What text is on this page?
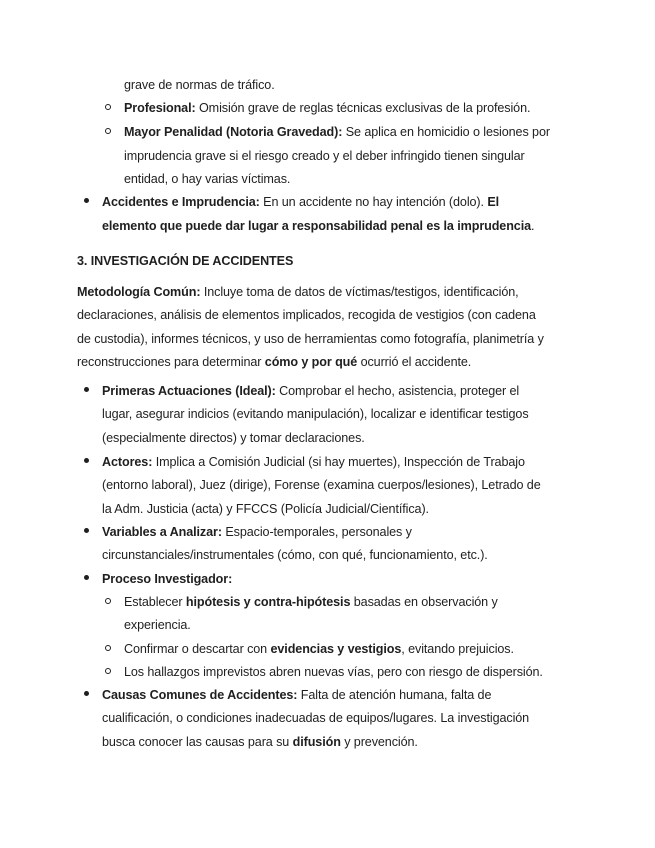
grave de normas de tráfico.
Profesional: Omisión grave de reglas técnicas exclusivas de la profesión.
Mayor Penalidad (Notoria Gravedad): Se aplica en homicidio o lesiones por
imprudencia grave si el riesgo creado y el deber infringido tienen singular
entidad, o hay varias víctimas.
Accidentes e Imprudencia: En un accidente no hay intención (dolo). El
elemento que puede dar lugar a responsabilidad penal es la imprudencia.
3. INVESTIGACIÓN DE ACCIDENTES
Metodología Común: Incluye toma de datos de víctimas/testigos, identificación,
declaraciones, análisis de elementos implicados, recogida de vestigios (con cadena
de custodia), informes técnicos, y uso de herramientas como fotografía, planimetría y
reconstrucciones para determinar cómo y por qué ocurrió el accidente.
Primeras Actuaciones (Ideal): Comprobar el hecho, asistencia, proteger el
lugar, asegurar indicios (evitando manipulación), localizar e identificar testigos
(especialmente directos) y tomar declaraciones.
Actores: Implica a Comisión Judicial (si hay muertes), Inspección de Trabajo
(entorno laboral), Juez (dirige), Forense (examina cuerpos/lesiones), Letrado de
la Adm. Justicia (acta) y FFCCS (Policía Judicial/Científica).
Variables a Analizar: Espacio-temporales, personales y
circunstanciales/instrumentales (cómo, con qué, funcionamiento, etc.).
Proceso Investigador:
Establecer hipótesis y contra-hipótesis basadas en observación y
experiencia.
Confirmar o descartar con evidencias y vestigios, evitando prejuicios.
Los hallazgos imprevistos abren nuevas vías, pero con riesgo de dispersión.
Causas Comunes de Accidentes: Falta de atención humana, falta de
cualificación, o condiciones inadecuadas de equipos/lugares. La investigación
busca conocer las causas para su difusión y prevención.
